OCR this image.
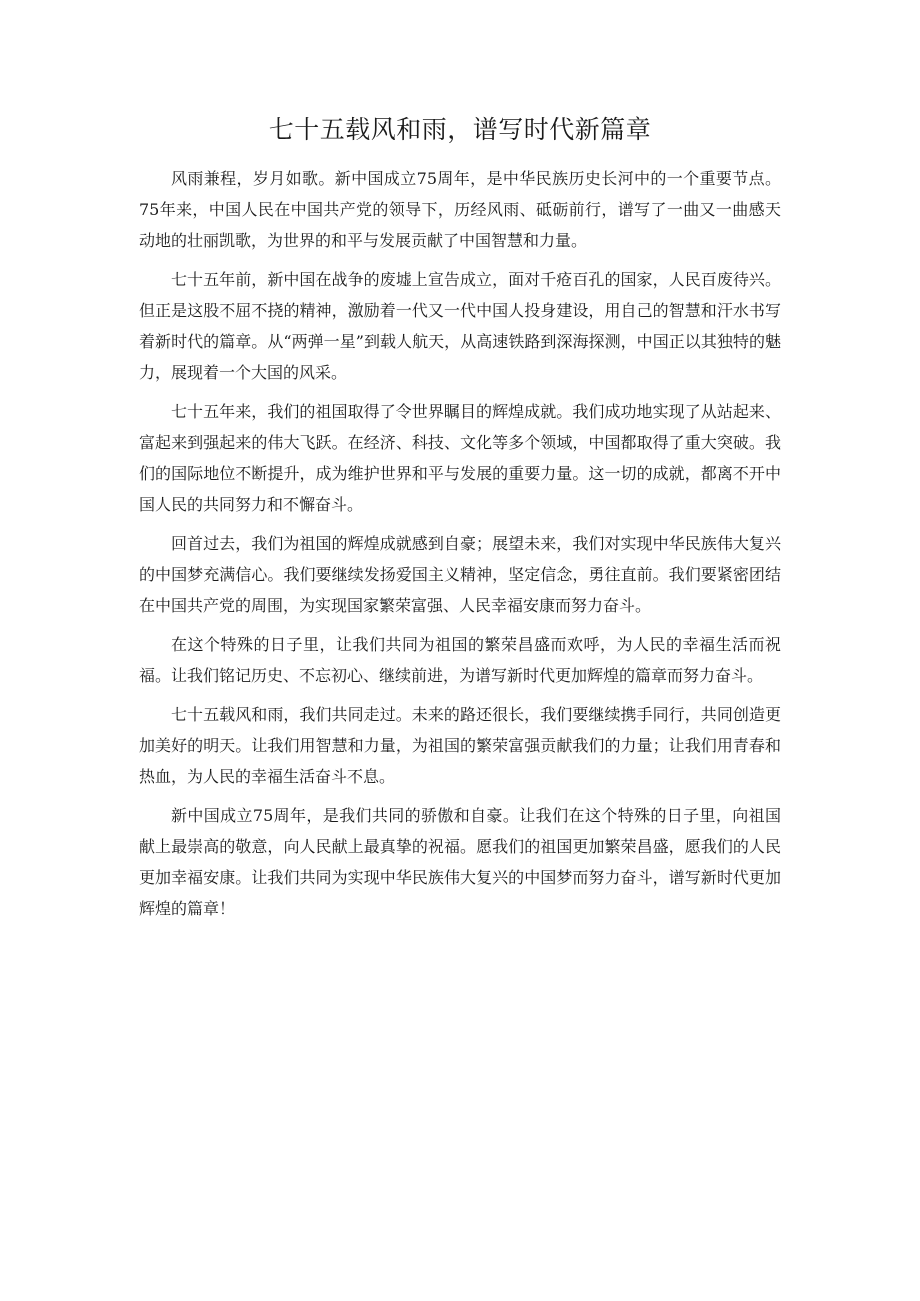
七十五载风和雨，谱写时代新篇章

风雨兼程，岁月如歌。新中国成立75周年，是中华民族历史长河中的一个重要节点。75年来，中国人民在中国共产党的领导下，历经风雨、砥砺前行，谱写了一曲又一曲感天动地的壮丽凯歌，为世界的和平与发展贡献了中国智慧和力量。

七十五年前，新中国在战争的废墟上宣告成立，面对千疮百孔的国家，人民百废待兴。但正是这股不屈不挠的精神，激励着一代又一代中国人投身建设，用自己的智慧和汗水书写着新时代的篇章。从“两弹一星”到载人航天，从高速铁路到深海探测，中国正以其独特的魅力，展现着一个大国的风采。

七十五年来，我们的祖国取得了令世界瞩目的辉煌成就。我们成功地实现了从站起来、富起来到强起来的伟大飞跃。在经济、科技、文化等多个领域，中国都取得了重大突破。我们的国际地位不断提升，成为维护世界和平与发展的重要力量。这一切的成就，都离不开中国人民的共同努力和不懈奋斗。

回首过去，我们为祖国的辉煌成就感到自豪；展望未来，我们对实现中华民族伟大复兴的中国梦充满信心。我们要继续发扬爱国主义精神，坚定信念，勇往直前。我们要紧密团结在中国共产党的周围，为实现国家繁荣富强、人民幸福安康而努力奋斗。

在这个特殊的日子里，让我们共同为祖国的繁荣昌盛而欢呼，为人民的幸福生活而祝福。让我们铭记历史、不忘初心、继续前进，为谱写新时代更加辉煌的篇章而努力奋斗。

七十五载风和雨，我们共同走过。未来的路还很长，我们要继续携手同行，共同创造更加美好的明天。让我们用智慧和力量，为祖国的繁荣富强贡献我们的力量；让我们用青春和热血，为人民的幸福生活奋斗不息。

新中国成立75周年，是我们共同的骄傲和自豪。让我们在这个特殊的日子里，向祖国献上最崇高的敬意，向人民献上最真挚的祝福。愿我们的祖国更加繁荣昌盛，愿我们的人民更加幸福安康。让我们共同为实现中华民族伟大复兴的中国梦而努力奋斗，谱写新时代更加辉煌的篇章！
